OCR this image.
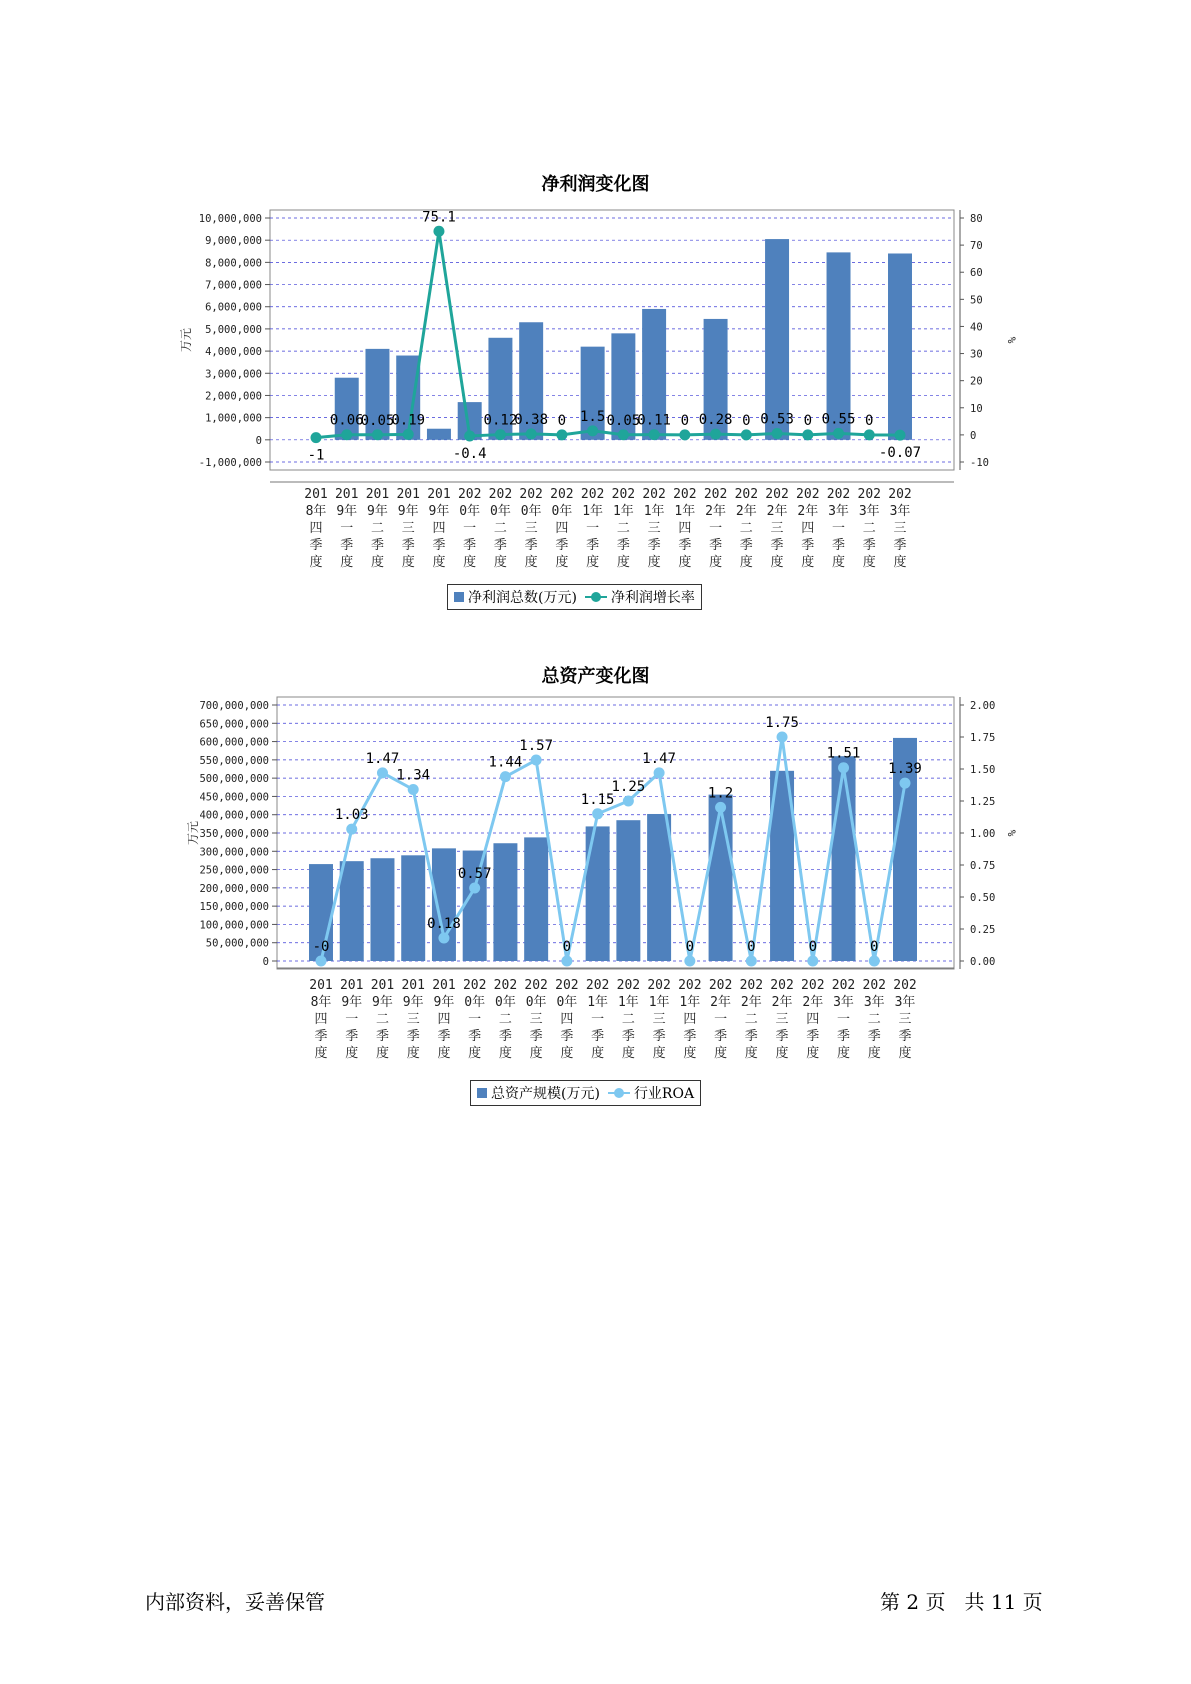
净利润变化图
-1,000,000
0
1,000,000
2,000,000
3,000,000
4,000,000
5,000,000
6,000,000
7,000,000
8,000,000
9,000,000
10,000,000
-10
0
10
20
30
40
50
60
70
80
万元	%
-1
0.06
0.05
0.19
75.1
-0.4
0.12
0.38 0 1.5 0.05
0.11 0 0.28 0 0.53 0 0.55 0
-0.07
201
8年
四
季
度
201
9年
一
季
度
201
9年
二
季
度
201
9年
三
季
度
201
9年
四
季
度
202
0年
一
季
度
202
0年
二
季
度
202
0年
三
季
度
202
0年
四
季
度
202
1年
一
季
度
202
1年
二
季
度
202
1年
三
季
度
202
1年
四
季
度
202
2年
一
季
度
202
2年
二
季
度
202
2年
三
季
度
202
2年
四
季
度
202
3年
一
季
度
202
3年
二
季
度
202
3年
三
季
度
净利润总数(万元) 净利润增长率
总资产变化图
0
50,000,000
100,000,000
150,000,000
200,000,000
250,000,000
300,000,000
350,000,000
400,000,000
450,000,000
500,000,000
550,000,000
600,000,000
650,000,000
700,000,000
0.00
0.25
0.50
0.75
1.00
1.25
1.50
1.75
2.00
万元	%
-0
1.03
1.47
1.34
0.18
0.57
1.44
1.57
0
1.15
1.25
1.47
0
1.2
0
1.75
0
1.51
0
1.39
201
8年
四
季
度
201
9年
一
季
度
201
9年
二
季
度
201
9年
三
季
度
201
9年
四
季
度
202
0年
一
季
度
202
0年
二
季
度
202
0年
三
季
度
202
0年
四
季
度
202
1年
一
季
度
202
1年
二
季
度
202
1年
三
季
度
202
1年
四
季
度
202
2年
一
季
度
202
2年
二
季
度
202
2年
三
季
度
202
2年
四
季
度
202
3年
一
季
度
202
3年
二
季
度
202
3年
三
季
度
总资产规模(万元) 行业ROA
内部资料，妥善保管	第 2 页   共 11 页
